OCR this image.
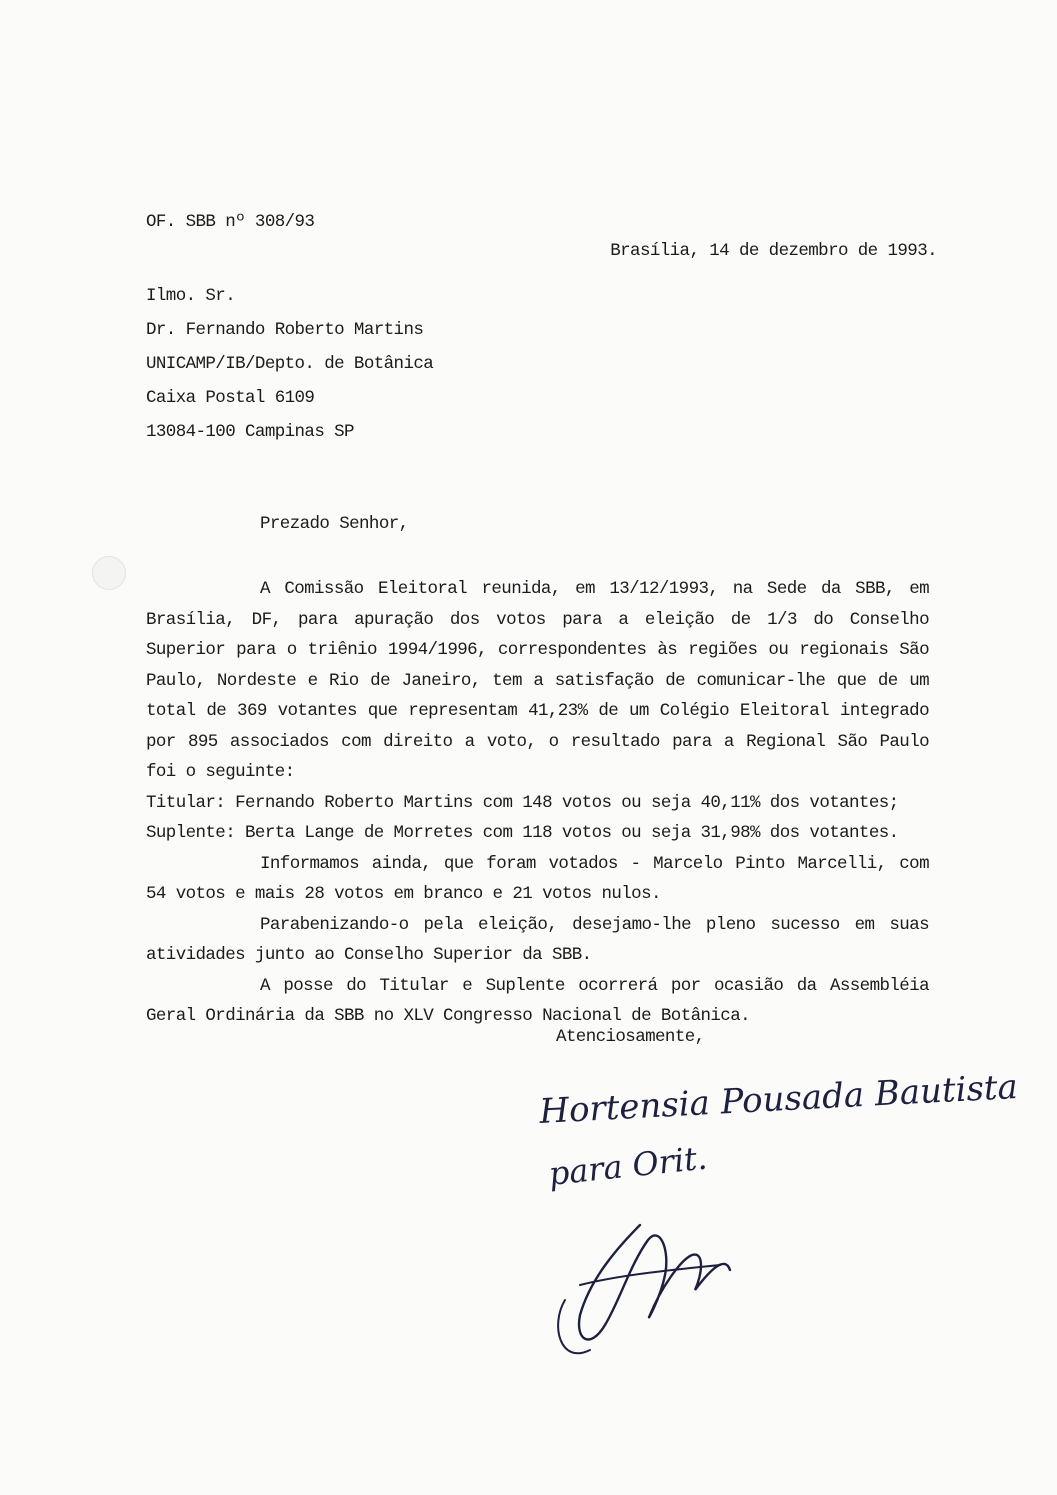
OF. SBB nº 308/93
Brasília, 14 de dezembro de 1993.
Ilmo. Sr.
Dr. Fernando Roberto Martins
UNICAMP/IB/Depto. de Botânica
Caixa Postal 6109
13084-100 Campinas SP
Prezado Senhor,

A Comissão Eleitoral reunida, em 13/12/1993, na Sede da SBB, em Brasília, DF, para apuração dos votos para a eleição de 1/3 do Conselho Superior para o triênio 1994/1996, correspondentes às regiões ou regionais São Paulo, Nordeste e Rio de Janeiro, tem a satisfação de comunicar-lhe que de um total de 369 votantes que representam 41,23% de um Colégio Eleitoral integrado por 895 associados com direito a voto, o resultado para a Regional São Paulo foi o seguinte:

Titular: Fernando Roberto Martins com 148 votos ou seja 40,11% dos votantes;

Suplente: Berta Lange de Morretes com 118 votos ou seja 31,98% dos votantes.

Informamos ainda, que foram votados - Marcelo Pinto Marcelli, com 54 votos e mais 28 votos em branco e 21 votos nulos.

Parabenizando-o pela eleição, desejamo-lhe pleno sucesso em suas atividades junto ao Conselho Superior da SBB.

A posse do Titular e Suplente ocorrerá por ocasião da Assembléia Geral Ordinária da SBB no XLV Congresso Nacional de Botânica.

Atenciosamente,
Hortensia Pousada Bautista
para Orit.
